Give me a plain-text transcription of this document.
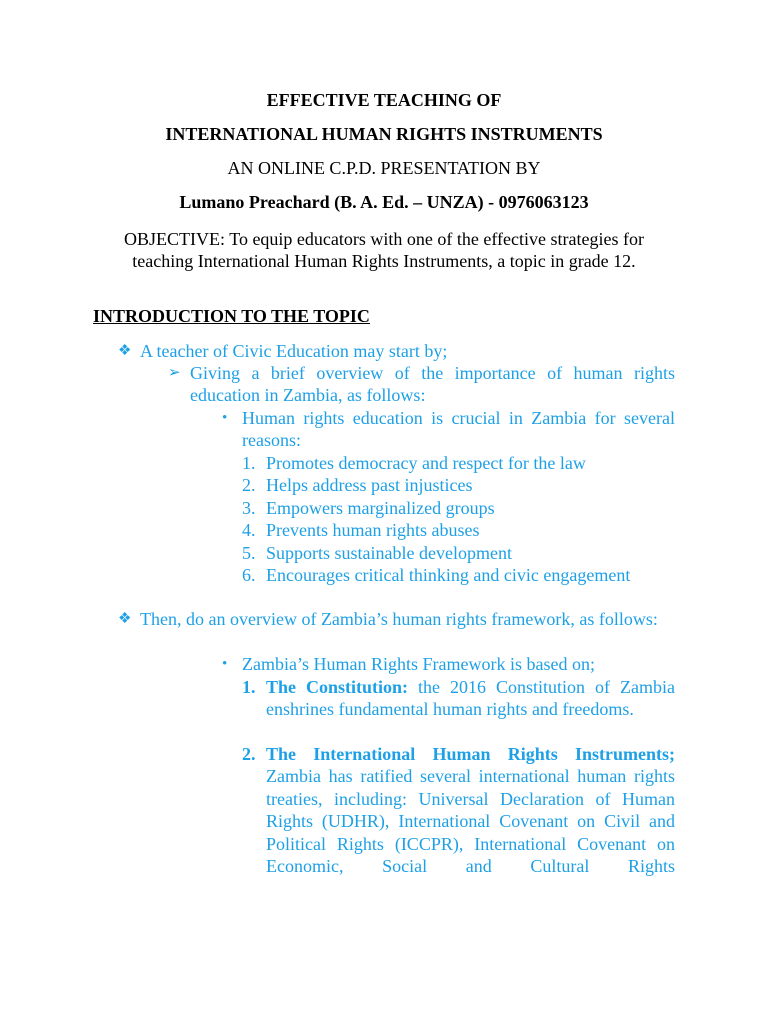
EFFECTIVE TEACHING OF
INTERNATIONAL HUMAN RIGHTS INSTRUMENTS
AN ONLINE C.P.D. PRESENTATION BY
Lumano Preachard (B. A. Ed. – UNZA) - 0976063123
OBJECTIVE: To equip educators with one of the effective strategies for teaching International Human Rights Instruments, a topic in grade 12.
INTRODUCTION TO THE TOPIC
❖ A teacher of Civic Education may start by;
➢ Giving a brief overview of the importance of human rights education in Zambia, as follows:
• Human rights education is crucial in Zambia for several reasons:
1. Promotes democracy and respect for the law
2. Helps address past injustices
3. Empowers marginalized groups
4. Prevents human rights abuses
5. Supports sustainable development
6. Encourages critical thinking and civic engagement
❖ Then, do an overview of Zambia’s human rights framework, as follows:
• Zambia’s Human Rights Framework is based on;
1. The Constitution: the 2016 Constitution of Zambia enshrines fundamental human rights and freedoms.
2. The International Human Rights Instruments; Zambia has ratified several international human rights treaties, including: Universal Declaration of Human Rights (UDHR), International Covenant on Civil and Political Rights (ICCPR), International Covenant on Economic, Social and Cultural Rights
